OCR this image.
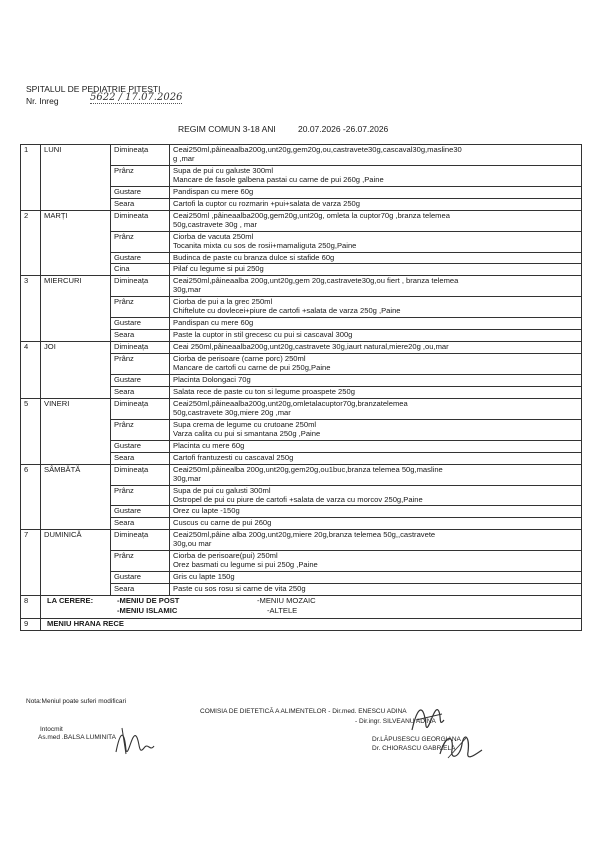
SPITALUL DE PEDIATRIE PITESTI
Nr. Inreg	5622 / 17.07.2026
REGIM COMUN 3-18 ANI	20.07.2026 -26.07.2026
1	LUNI	Dimineața	Ceai250ml,pâineaalba200g,unt20g,gem20g,ou,castravete30g,cascaval30g,masline30
g ,mar

		Prânz	Supa de pui cu galuste 300ml
Mancare de fasole galbena pastai cu carne de pui 260g ,Paine

		Gustare	Pandispan cu mere 60g

		Seara	Cartofi la cuptor cu rozmarin +pui+salata de varza 250g

2	MARȚI	Dimineata	Ceai250ml ,pâineaalba200g,gem20g,unt20g, omleta la cuptor70g ,branza telemea
50g,castravete 30g , mar

		Prânz	Ciorba de vacuta 250ml
Tocanita mixta cu sos de rosii+mamaliguta 250g,Paine

		Gustare	Budinca de paste cu branza dulce si stafide 60g

		Cina	Pilaf cu legume si pui 250g

3	MIERCURI	Dimineața	Ceai250ml,pâineaalba 200g,unt20g,gem 20g,castravete30g,ou fiert , branza telemea
30g,mar

		Prânz	Ciorba de pui a la grec 250ml
Chiftelute cu dovlecei+piure de cartofi +salata de varza 250g ,Paine

		Gustare	Pandispan cu mere 60g

		Seara	Paste la cuptor in stil grecesc cu pui si cascaval 300g

4	JOI	Dimineața	Ceai 250ml,pâineaalba200g,unt20g,castravete 30g,iaurt natural,miere20g ,ou,mar

		Prânz	Ciorba de perisoare (carne porc) 250ml
Mancare de cartofi cu carne de pui 250g,Paine

		Gustare	Placinta Dolongaci 70g

		Seara	Salata rece de paste cu ton si legume proaspete 250g

5	VINERI	Dimineața	Ceai250ml,pâineaalba200g,unt20g,omletalacuptor70g,branzatelemea
50g,castravete 30g,miere 20g ,mar

		Prânz	Supa crema de legume cu crutoane 250ml
Varza calita cu pui si smantana 250g ,Paine

		Gustare	Placinta cu mere 60g

		Seara	Cartofi frantuzesti cu cascaval 250g

6	SÂMBĂTĂ	Dimineața	Ceai250ml,pâinealba 200g,unt20g,gem20g,ou1buc,branza telemea 50g,masline
30g,mar

		Prânz	Supa de pui cu galusti 300ml
Ostropel de pui cu piure de cartofi +salata de varza cu morcov 250g,Paine

		Gustare	Orez cu lapte -150g

		Seara	Cuscus cu carne de pui 260g

7	DUMINICĂ	Dimineața	Ceai250ml,pâine alba 200g,unt20g,miere 20g,branza telemea 50g,,castravete
30g,ou mar

		Prânz	Ciorba de perisoare(pui) 250ml
Orez basmati cu legume si pui 250g ,Paine

		Gustare	Gris cu lapte 150g

		Seara	Paste cu sos rosu si carne de vita 250g

8	LA CERERE: -MENIU DE POST
-MENIU ISLAMIC
-MENIU MOZAIC
-ALTELE		

9	MENIU HRANA RECE		
Nota:Meniul poate suferi modificari
COMISIA DE DIETETICĂ A ALIMENTELOR - Dir.med. ENESCU ADINA
Intocmit
As.med .BALSA LUMINITA
- Dir.ingr. SILVEANU ADINA
Dr.LĂPUSESCU GEORGIANA
Dr. CHIORASCU GABRIELA
